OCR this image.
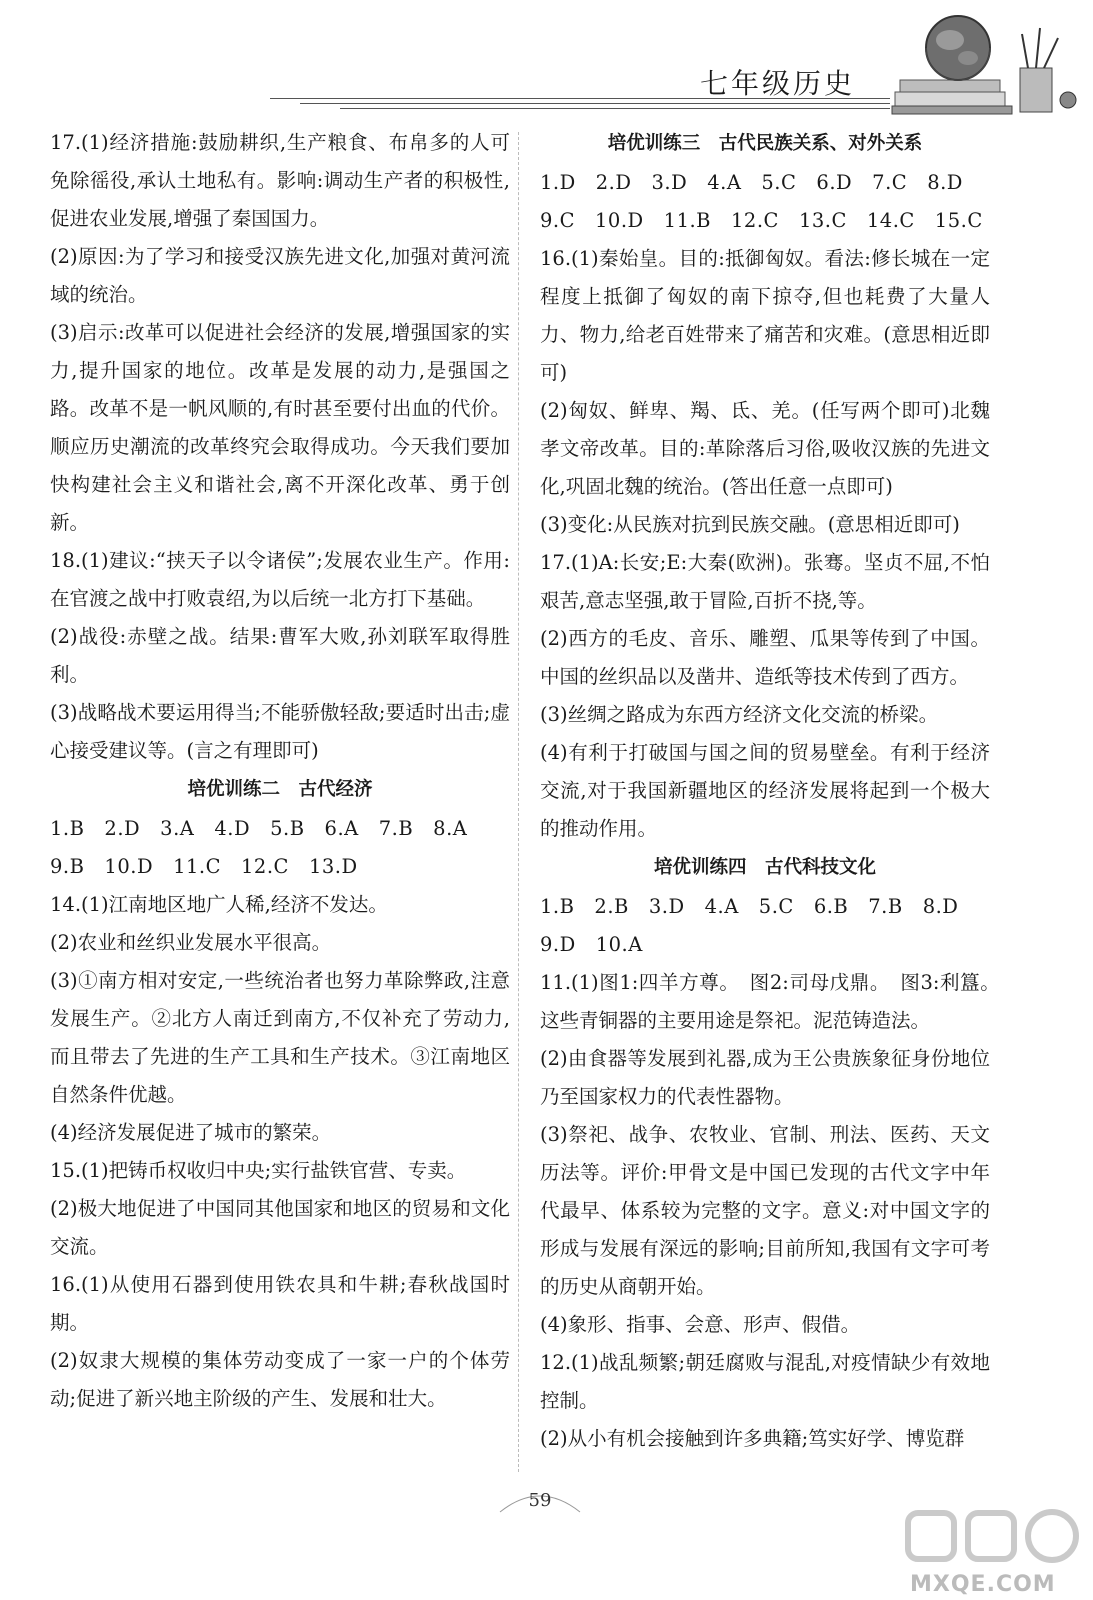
七年级历史

17.(1)经济措施:鼓励耕织,生产粮食、布帛多的人可免除徭役,承认土地私有。影响:调动生产者的积极性,促进农业发展,增强了秦国国力。

(2)原因:为了学习和接受汉族先进文化,加强对黄河流域的统治。

(3)启示:改革可以促进社会经济的发展,增强国家的实力,提升国家的地位。改革是发展的动力,是强国之路。改革不是一帆风顺的,有时甚至要付出血的代价。顺应历史潮流的改革终究会取得成功。今天我们要加快构建社会主义和谐社会,离不开深化改革、勇于创新。

18.(1)建议:“挟天子以令诸侯”;发展农业生产。作用:在官渡之战中打败袁绍,为以后统一北方打下基础。

(2)战役:赤壁之战。结果:曹军大败,孙刘联军取得胜利。

(3)战略战术要运用得当;不能骄傲轻敌;要适时出击;虚心接受建议等。(言之有理即可)

培优训练二　古代经济

1.B　2.D　3.A　4.D　5.B　6.A　7.B　8.A

9.B　10.D　11.C　12.C　13.D

14.(1)江南地区地广人稀,经济不发达。

(2)农业和丝织业发展水平很高。

(3)①南方相对安定,一些统治者也努力革除弊政,注意发展生产。②北方人南迁到南方,不仅补充了劳动力,而且带去了先进的生产工具和生产技术。③江南地区自然条件优越。

(4)经济发展促进了城市的繁荣。

15.(1)把铸币权收归中央;实行盐铁官营、专卖。

(2)极大地促进了中国同其他国家和地区的贸易和文化交流。

16.(1)从使用石器到使用铁农具和牛耕;春秋战国时期。

(2)奴隶大规模的集体劳动变成了一家一户的个体劳动;促进了新兴地主阶级的产生、发展和壮大。

培优训练三　古代民族关系、对外关系

1.D　2.D　3.D　4.A　5.C　6.D　7.C　8.D

9.C　10.D　11.B　12.C　13.C　14.C　15.C

16.(1)秦始皇。目的:抵御匈奴。看法:修长城在一定程度上抵御了匈奴的南下掠夺,但也耗费了大量人力、物力,给老百姓带来了痛苦和灾难。(意思相近即可)

(2)匈奴、鲜卑、羯、氐、羌。(任写两个即可)北魏孝文帝改革。目的:革除落后习俗,吸收汉族的先进文化,巩固北魏的统治。(答出任意一点即可)

(3)变化:从民族对抗到民族交融。(意思相近即可)

17.(1)A:长安;E:大秦(欧洲)。张骞。坚贞不屈,不怕艰苦,意志坚强,敢于冒险,百折不挠,等。

(2)西方的毛皮、音乐、雕塑、瓜果等传到了中国。中国的丝织品以及凿井、造纸等技术传到了西方。

(3)丝绸之路成为东西方经济文化交流的桥梁。

(4)有利于打破国与国之间的贸易壁垒。有利于经济交流,对于我国新疆地区的经济发展将起到一个极大的推动作用。

培优训练四　古代科技文化

1.B　2.B　3.D　4.A　5.C　6.B　7.B　8.D

9.D　10.A

11.(1)图1:四羊方尊。　图2:司母戊鼎。　图3:利簋。　这些青铜器的主要用途是祭祀。泥范铸造法。

(2)由食器等发展到礼器,成为王公贵族象征身份地位乃至国家权力的代表性器物。

(3)祭祀、战争、农牧业、官制、刑法、医药、天文历法等。评价:甲骨文是中国已发现的古代文字中年代最早、体系较为完整的文字。意义:对中国文字的形成与发展有深远的影响;目前所知,我国有文字可考的历史从商朝开始。

(4)象形、指事、会意、形声、假借。

12.(1)战乱频繁;朝廷腐败与混乱,对疫情缺少有效地控制。

(2)从小有机会接触到许多典籍;笃实好学、博览群

59
MXQE.COM
